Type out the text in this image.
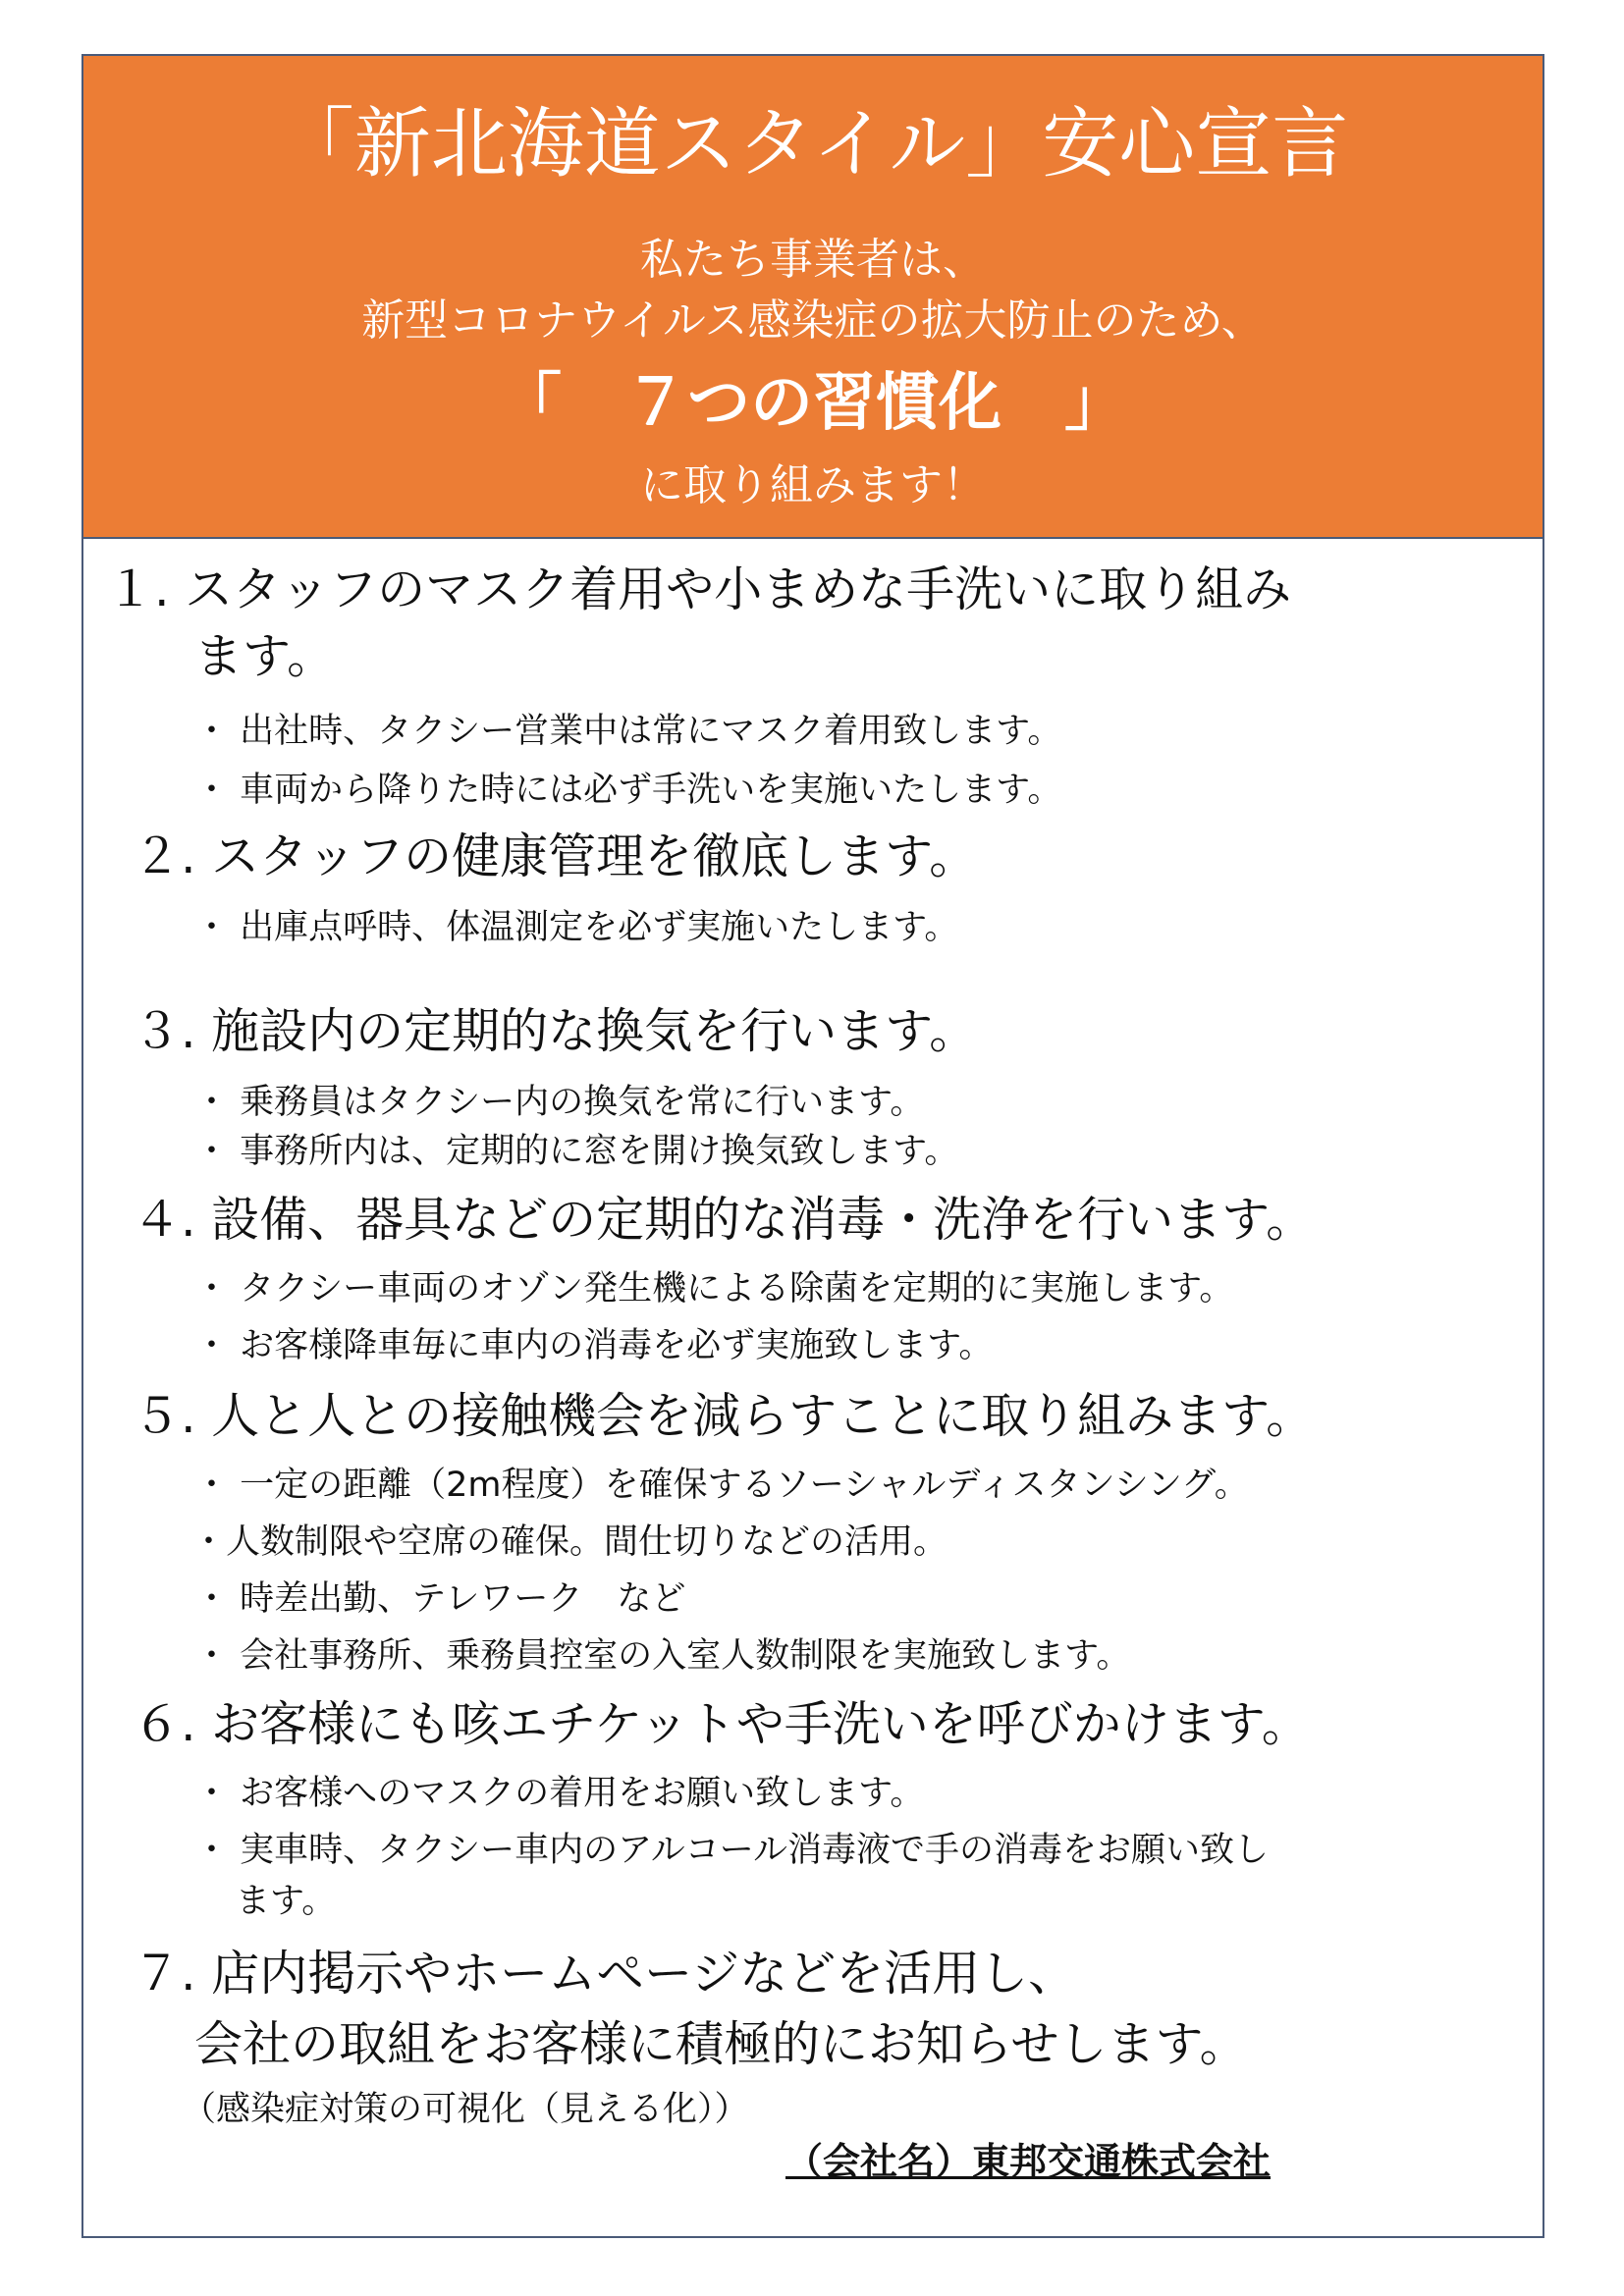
「新北海道スタイル」安心宣言
私たち事業者は、
新型コロナウイルス感染症の拡大防止のため、
「　７つの習慣化　」
に取り組みます！
１. スタッフのマスク着用や小まめな手洗いに取り組み
ます。
・ 出社時、タクシー営業中は常にマスク着用致します。
・ 車両から降りた時には必ず手洗いを実施いたします。
２. スタッフの健康管理を徹底します。
・ 出庫点呼時、体温測定を必ず実施いたします。
３. 施設内の定期的な換気を行います。
・ 乗務員はタクシー内の換気を常に行います。
・ 事務所内は、定期的に窓を開け換気致します。
４. 設備、器具などの定期的な消毒・洗浄を行います。
・ タクシー車両のオゾン発生機による除菌を定期的に実施します。
・ お客様降車毎に車内の消毒を必ず実施致します。
５. 人と人との接触機会を減らすことに取り組みます。
・ 一定の距離（2m程度）を確保するソーシャルディスタンシング。
・人数制限や空席の確保。間仕切りなどの活用。
・ 時差出勤、テレワーク　など
・ 会社事務所、乗務員控室の入室人数制限を実施致します。
６. お客様にも咳エチケットや手洗いを呼びかけます。
・ お客様へのマスクの着用をお願い致します。
・ 実車時、タクシー車内のアルコール消毒液で手の消毒をお願い致し
ます。
７. 店内掲示やホームページなどを活用し、
会社の取組をお客様に積極的にお知らせします。
（感染症対策の可視化（見える化））
（会社名）東邦交通株式会社
